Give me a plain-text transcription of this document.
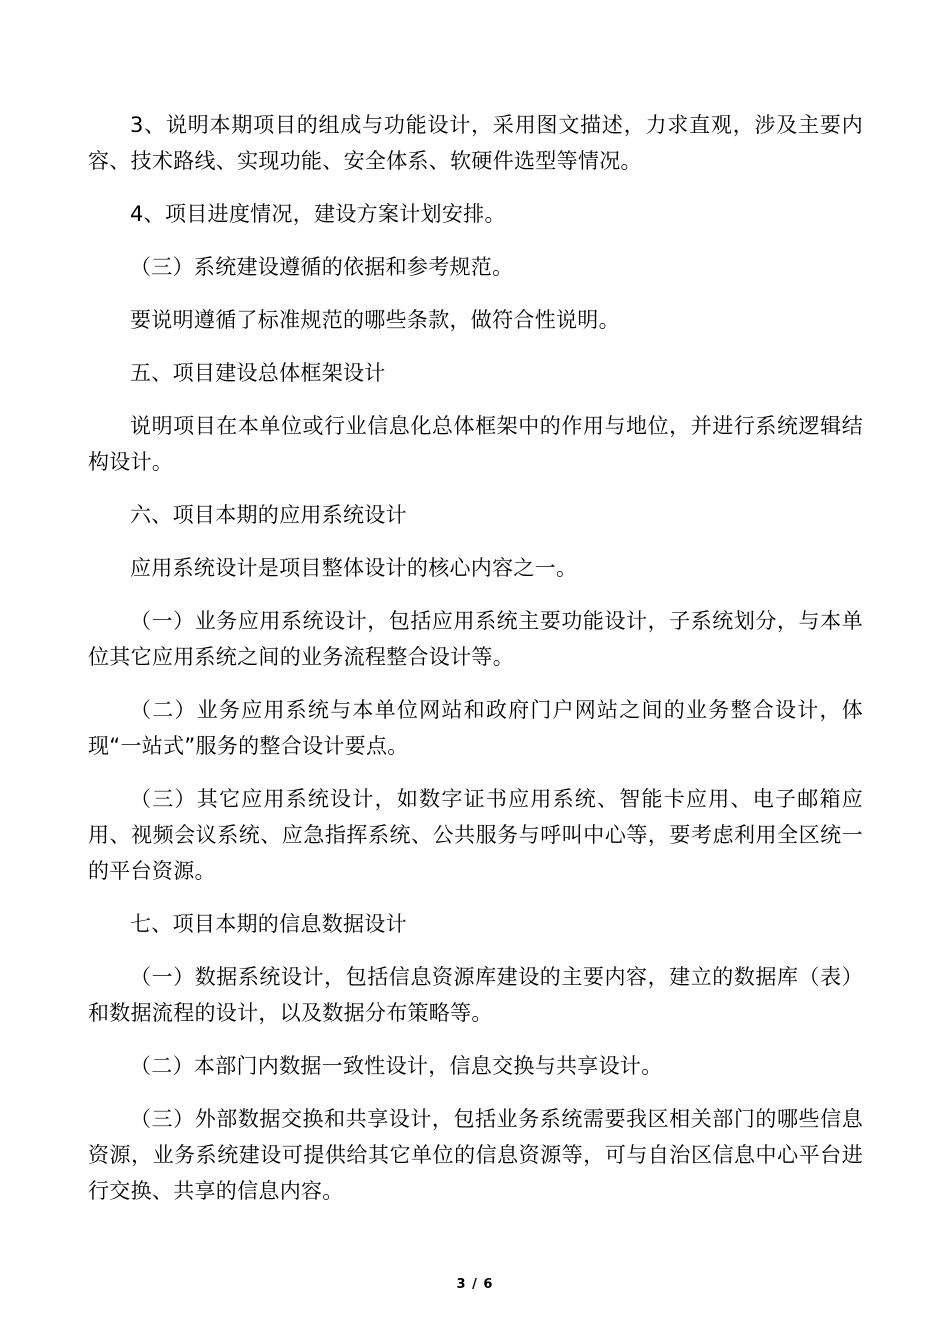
3、说明本期项目的组成与功能设计，采用图文描述，力求直观，涉及主要内容、技术路线、实现功能、安全体系、软硬件选型等情况。

4、项目进度情况，建设方案计划安排。

（三）系统建设遵循的依据和参考规范。

要说明遵循了标准规范的哪些条款，做符合性说明。

五、项目建设总体框架设计

说明项目在本单位或行业信息化总体框架中的作用与地位，并进行系统逻辑结构设计。

六、项目本期的应用系统设计

应用系统设计是项目整体设计的核心内容之一。

（一）业务应用系统设计，包括应用系统主要功能设计，子系统划分，与本单位其它应用系统之间的业务流程整合设计等。

（二）业务应用系统与本单位网站和政府门户网站之间的业务整合设计，体现“一站式”服务的整合设计要点。

（三）其它应用系统设计，如数字证书应用系统、智能卡应用、电子邮箱应用、视频会议系统、应急指挥系统、公共服务与呼叫中心等，要考虑利用全区统一的平台资源。

七、项目本期的信息数据设计

（一）数据系统设计，包括信息资源库建设的主要内容，建立的数据库（表）和数据流程的设计，以及数据分布策略等。

（二）本部门内数据一致性设计，信息交换与共享设计。

（三）外部数据交换和共享设计，包括业务系统需要我区相关部门的哪些信息资源，业务系统建设可提供给其它单位的信息资源等，可与自治区信息中心平台进行交换、共享的信息内容。

3 / 6
